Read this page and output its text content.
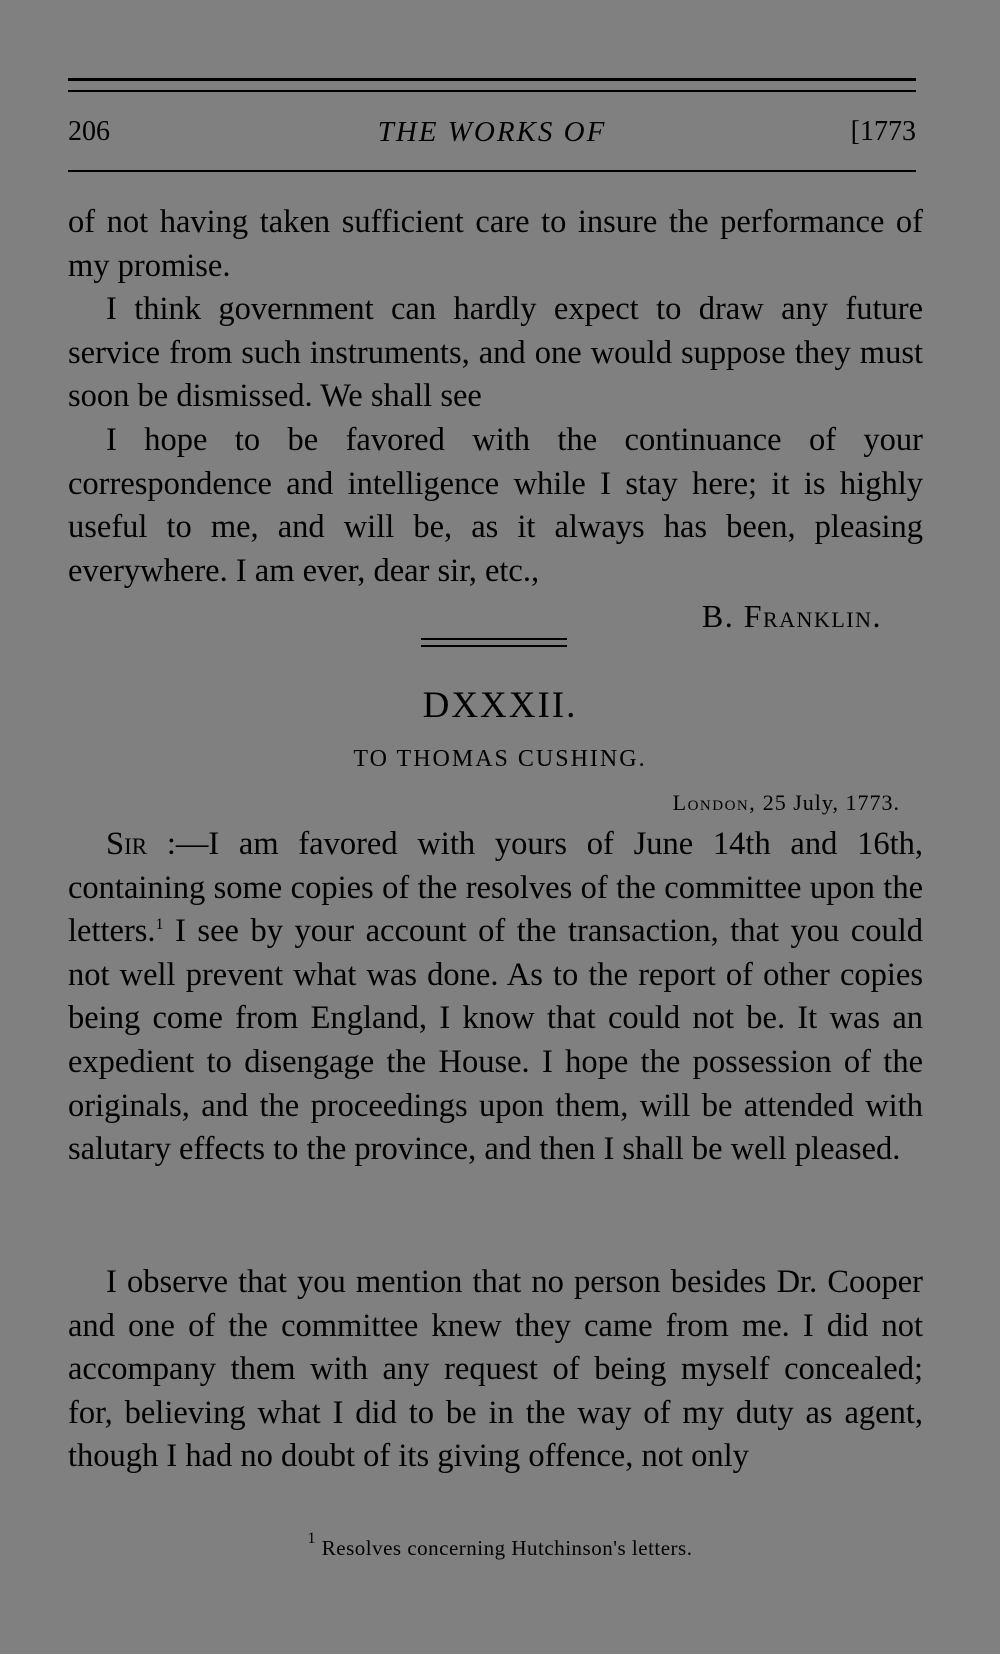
206	THE WORKS OF	[1773

of not having taken sufficient care to insure the performance of my promise.

I think government can hardly expect to draw any future service from such instruments, and one would suppose they must soon be dismissed. We shall see

I hope to be favored with the continuance of your correspondence and intelligence while I stay here; it is highly useful to me, and will be, as it always has been, pleasing everywhere. I am ever, dear sir, etc.,

B. Franklin.
DXXXII.
TO THOMAS CUSHING.
London, 25 July, 1773.

Sir :—I am favored with yours of June 14th and 16th, containing some copies of the resolves of the committee upon the letters.$^1$ I see by your account of the transaction, that you could not well prevent what was done. As to the report of other copies being come from England, I know that could not be. It was an expedient to disengage the House. I hope the possession of the originals, and the proceedings upon them, will be attended with salutary effects to the province, and then I shall be well pleased.

I observe that you mention that no person besides Dr. Cooper and one of the committee knew they came from me. I did not accompany them with any request of being myself concealed; for, believing what I did to be in the way of my duty as agent, though I had no doubt of its giving offence, not only

$^1$ Resolves concerning Hutchinson's letters.
